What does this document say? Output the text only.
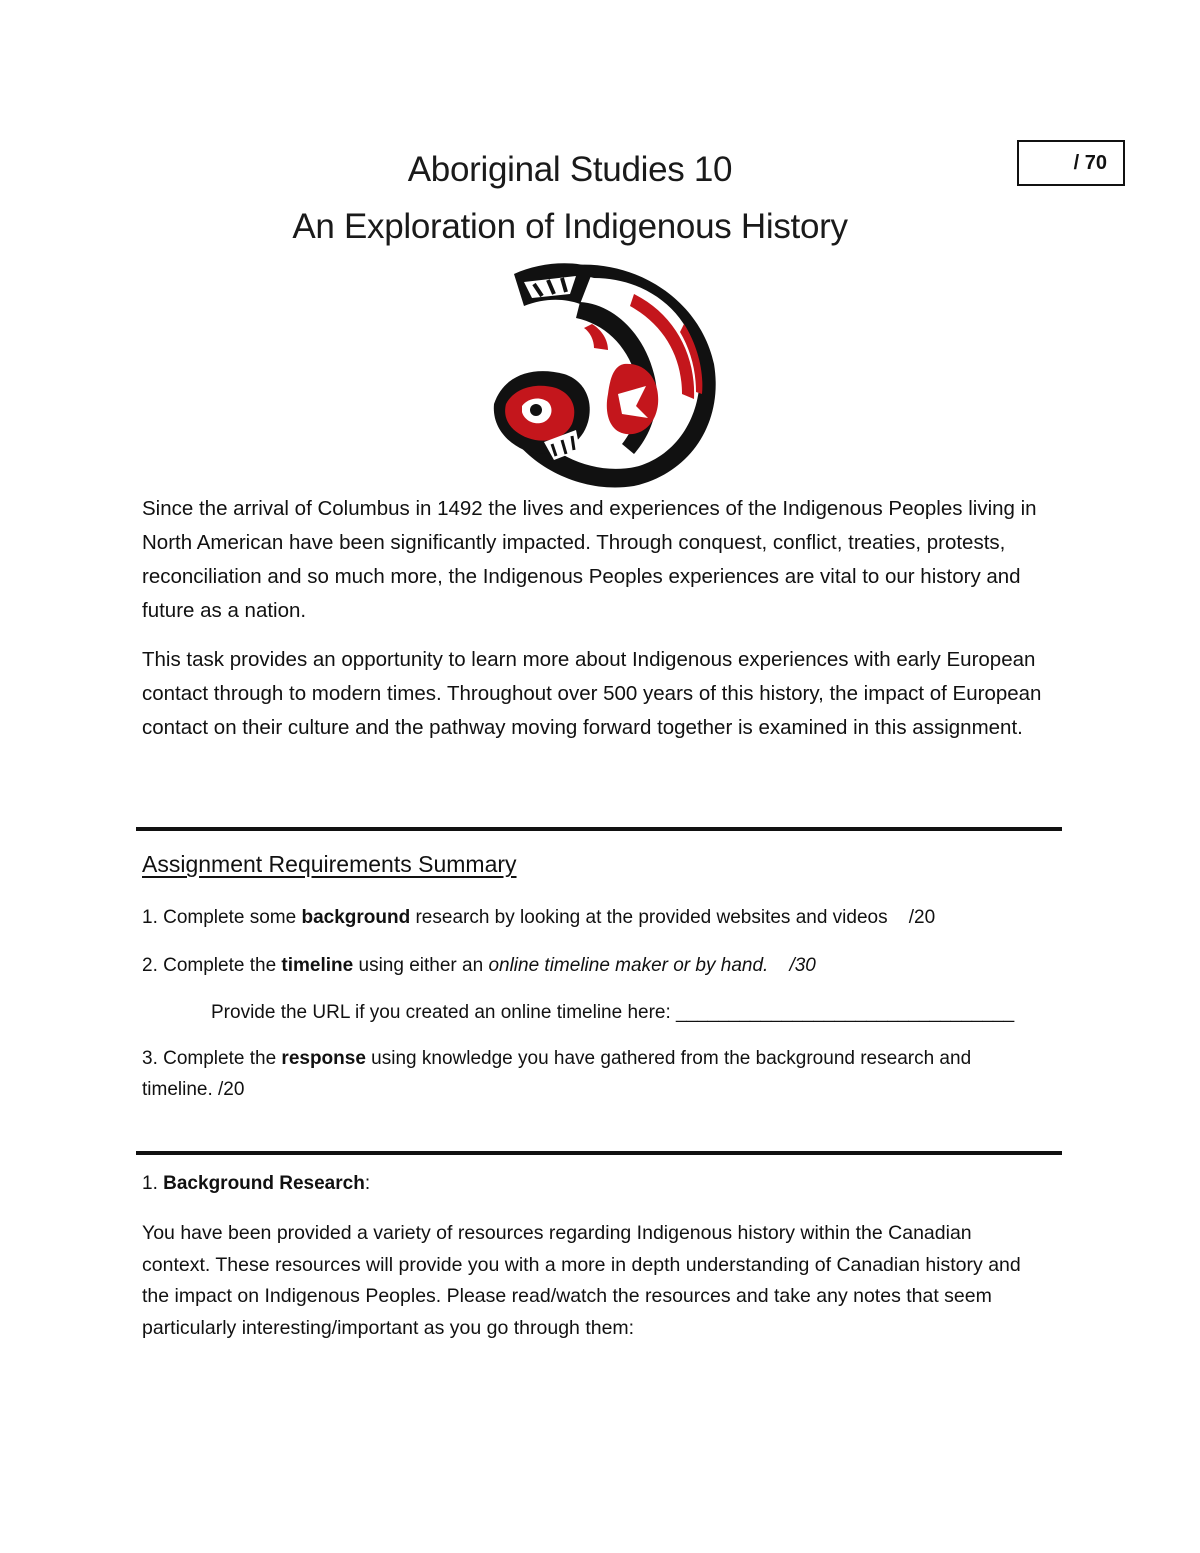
/ 70
Aboriginal Studies 10
An Exploration of Indigenous History

Since the arrival of Columbus in 1492 the lives and experiences of the Indigenous Peoples living in North American have been significantly impacted. Through conquest, conflict, treaties, protests, reconciliation and so much more, the Indigenous Peoples experiences are vital to our history and future as a nation.

This task provides an opportunity to learn more about Indigenous experiences with early European contact through to modern times. Throughout over 500 years of this history, the impact of European contact on their culture and the pathway moving forward together is examined in this assignment.

Assignment Requirements Summary

1. Complete some background research by looking at the provided websites and videos /20

2. Complete the timeline using either an online timeline maker or by hand. /30

Provide the URL if you created an online timeline here: ________________________________

3. Complete the response using knowledge you have gathered from the background research and timeline. /20

1. Background Research:

You have been provided a variety of resources regarding Indigenous history within the Canadian context. These resources will provide you with a more in depth understanding of Canadian history and the impact on Indigenous Peoples. Please read/watch the resources and take any notes that seem particularly interesting/important as you go through them:
